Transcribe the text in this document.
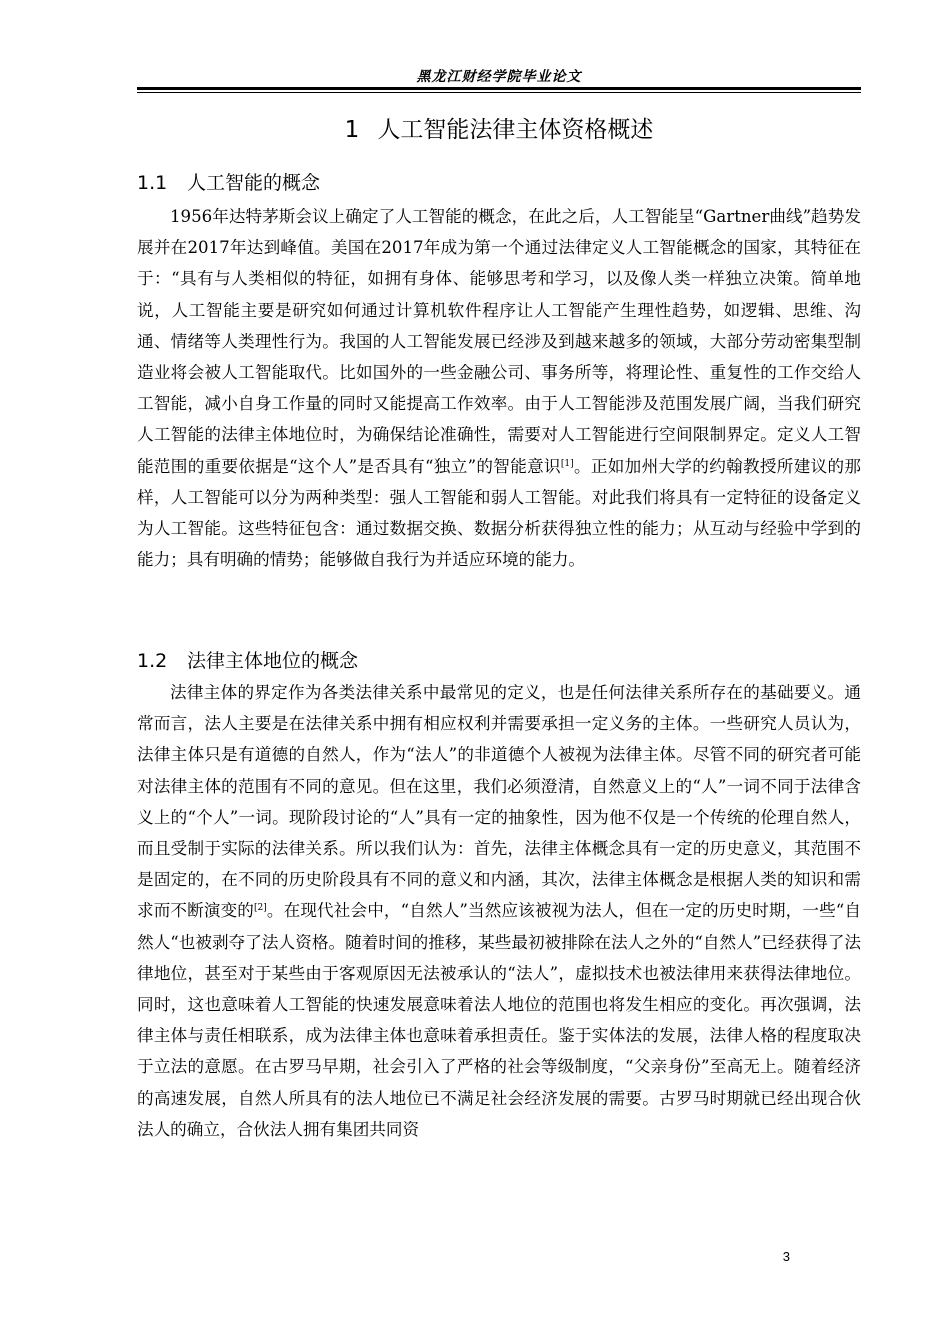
黑龙江财经学院毕业论文
1 人工智能法律主体资格概述
1.1 人工智能的概念
1956年达特茅斯会议上确定了人工智能的概念，在此之后，人工智能呈“Gartner曲线”趋势发展并在2017年达到峰值。美国在2017年成为第一个通过法律定义人工智能概念的国家，其特征在于：“具有与人类相似的特征，如拥有身体、能够思考和学习，以及像人类一样独立决策。简单地说，人工智能主要是研究如何通过计算机软件程序让人工智能产生理性趋势，如逻辑、思维、沟通、情绪等人类理性行为。我国的人工智能发展已经涉及到越来越多的领域，大部分劳动密集型制造业将会被人工智能取代。比如国外的一些金融公司、事务所等，将理论性、重复性的工作交给人工智能，减小自身工作量的同时又能提高工作效率。由于人工智能涉及范围发展广阔，当我们研究人工智能的法律主体地位时，为确保结论准确性，需要对人工智能进行空间限制界定。定义人工智能范围的重要依据是“这个人”是否具有“独立”的智能意识[1]。正如加州大学的约翰教授所建议的那样，人工智能可以分为两种类型：强人工智能和弱人工智能。对此我们将具有一定特征的设备定义为人工智能。这些特征包含：通过数据交换、数据分析获得独立性的能力；从互动与经验中学到的能力；具有明确的情势；能够做自我行为并适应环境的能力。
1.2 法律主体地位的概念
法律主体的界定作为各类法律关系中最常见的定义，也是任何法律关系所存在的基础要义。通常而言，法人主要是在法律关系中拥有相应权利并需要承担一定义务的主体。一些研究人员认为，法律主体只是有道德的自然人，作为“法人”的非道德个人被视为法律主体。尽管不同的研究者可能对法律主体的范围有不同的意见。但在这里，我们必须澄清，自然意义上的“人”一词不同于法律含义上的“个人”一词。现阶段讨论的“人”具有一定的抽象性，因为他不仅是一个传统的伦理自然人，而且受制于实际的法律关系。所以我们认为：首先，法律主体概念具有一定的历史意义，其范围不是固定的，在不同的历史阶段具有不同的意义和内涵，其次，法律主体概念是根据人类的知识和需求而不断演变的[2]。在现代社会中，“自然人”当然应该被视为法人，但在一定的历史时期，一些“自然人“也被剥夺了法人资格。随着时间的推移，某些最初被排除在法人之外的“自然人”已经获得了法律地位，甚至对于某些由于客观原因无法被承认的“法人”，虚拟技术也被法律用来获得法律地位。同时，这也意味着人工智能的快速发展意味着法人地位的范围也将发生相应的变化。再次强调，法律主体与责任相联系，成为法律主体也意味着承担责任。鉴于实体法的发展，法律人格的程度取决于立法的意愿。在古罗马早期，社会引入了严格的社会等级制度，“父亲身份”至高无上。随着经济的高速发展，自然人所具有的法人地位已不满足社会经济发展的需要。古罗马时期就已经出现合伙法人的确立，合伙法人拥有集团共同资
3
